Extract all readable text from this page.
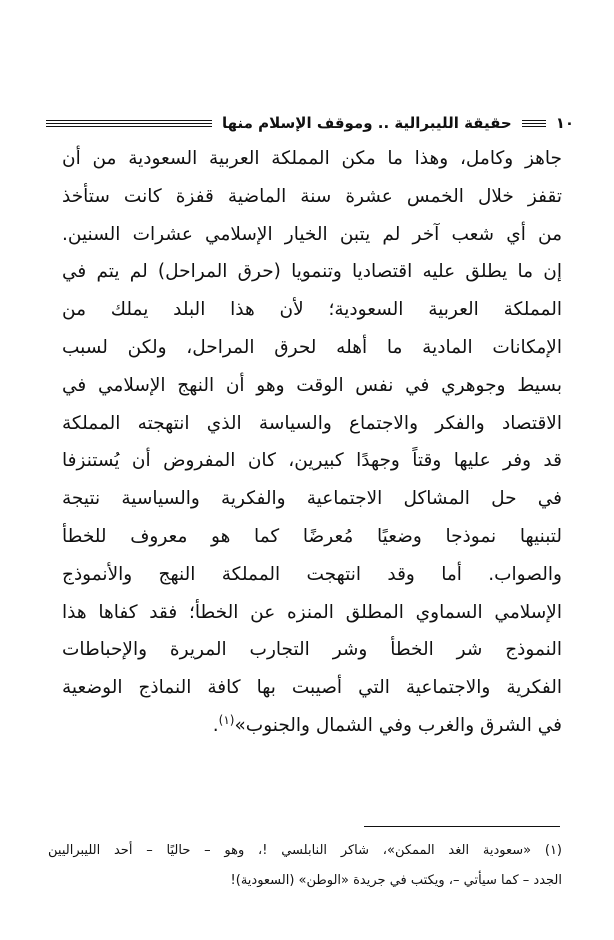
١٠
حقيقة الليبرالية .. وموقف الإسلام منها
جاهز وكامل، وهذا ما مكن المملكة العربية السعودية من أن
تقفز خلال الخمس عشرة سنة الماضية قفزة كانت ستأخذ
من أي شعب آخر لم يتبن الخيار الإسلامي عشرات السنين.
إن ما يطلق عليه اقتصاديا وتنمويا (حرق المراحل) لم يتم في
المملكة العربية السعودية؛ لأن هذا البلد يملك من
الإمكانات المادية ما أهله لحرق المراحل، ولكن لسبب
بسيط وجوهري في نفس الوقت وهو أن النهج الإسلامي في
الاقتصاد والفكر والاجتماع والسياسة الذي انتهجته المملكة
قد وفر عليها وقتاً وجهدًا كبيرين، كان المفروض أن يُستنزفا
في حل المشاكل الاجتماعية والفكرية والسياسية نتيجة
لتبنيها نموذجا وضعيًا مُعرضًا كما هو معروف للخطأ
والصواب. أما وقد انتهجت المملكة النهج والأنموذج
الإسلامي السماوي المطلق المنزه عن الخطأ؛ فقد كفاها هذا
النموذج شر الخطأ وشر التجارب المريرة والإحباطات
الفكرية والاجتماعية التي أصيبت بها كافة النماذج الوضعية
في الشرق والغرب وفي الشمال والجنوب»$^{(١)}$.
(١) «سعودية الغد الممكن»، شاكر النابلسي !، وهو – حاليًا – أحد الليبراليين
الجدد – كما سيأتي –، ويكتب في جريدة «الوطن» (السعودية)!
